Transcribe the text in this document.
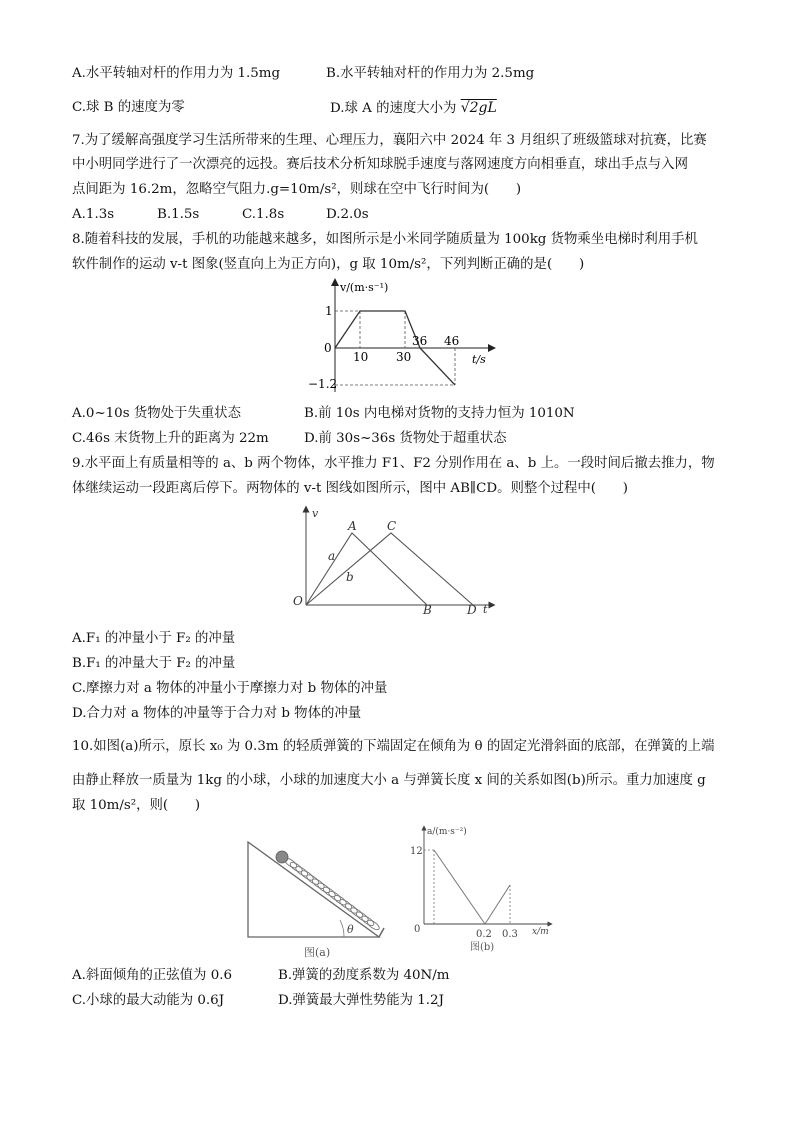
A.水平转轴对杆的作用力为 1.5mg	B.水平转轴对杆的作用力为 2.5mg
C.球 B 的速度为零	D.球 A 的速度大小为 √2gL
7.为了缓解高强度学习生活所带来的生理、心理压力，襄阳六中 2024 年 3 月组织了班级篮球对抗赛，比赛
中小明同学进行了一次漂亮的远投。赛后技术分析知球脱手速度与落网速度方向相垂直，球出手点与入网
点间距为 16.2m，忽略空气阻力.g=10m/s²，则球在空中飞行时间为(　　)
A.1.3s	B.1.5s	C.1.8s	D.2.0s
8.随着科技的发展，手机的功能越来越多，如图所示是小米同学随质量为 100kg 货物乘坐电梯时利用手机
软件制作的运动 v-t 图象(竖直向上为正方向)，g 取 10m/s²，下列判断正确的是(　　)
v/(m·s⁻¹)
t/s
1
0
−1.2
10 30
36 46
A.0~10s 货物处于失重状态	B.前 10s 内电梯对货物的支持力恒为 1010N
C.46s 末货物上升的距离为 22m	D.前 30s~36s 货物处于超重状态
9.水平面上有质量相等的 a、b 两个物体，水平推力 F1、F2 分别作用在 a、b 上。一段时间后撤去推力，物
体继续运动一段距离后停下。两物体的 v-t 图线如图所示，图中 AB∥CD。则整个过程中(　　)
v
t
O
A	C
B	D
a
b
A.F₁ 的冲量小于 F₂ 的冲量
B.F₁ 的冲量大于 F₂ 的冲量
C.摩擦力对 a 物体的冲量小于摩擦力对 b 物体的冲量
D.合力对 a 物体的冲量等于合力对 b 物体的冲量
10.如图(a)所示，原长 x₀ 为 0.3m 的轻质弹簧的下端固定在倾角为 θ 的固定光滑斜面的底部，在弹簧的上端
由静止释放一质量为 1kg 的小球，小球的加速度大小 a 与弹簧长度 x 间的关系如图(b)所示。重力加速度 g
取 10m/s²，则(　　)
θ
图(a)
a/(m·s⁻²)
x/m
12
0	0.2 0.3
图(b)
A.斜面倾角的正弦值为 0.6	B.弹簧的劲度系数为 40N/m
C.小球的最大动能为 0.6J	D.弹簧最大弹性势能为 1.2J
